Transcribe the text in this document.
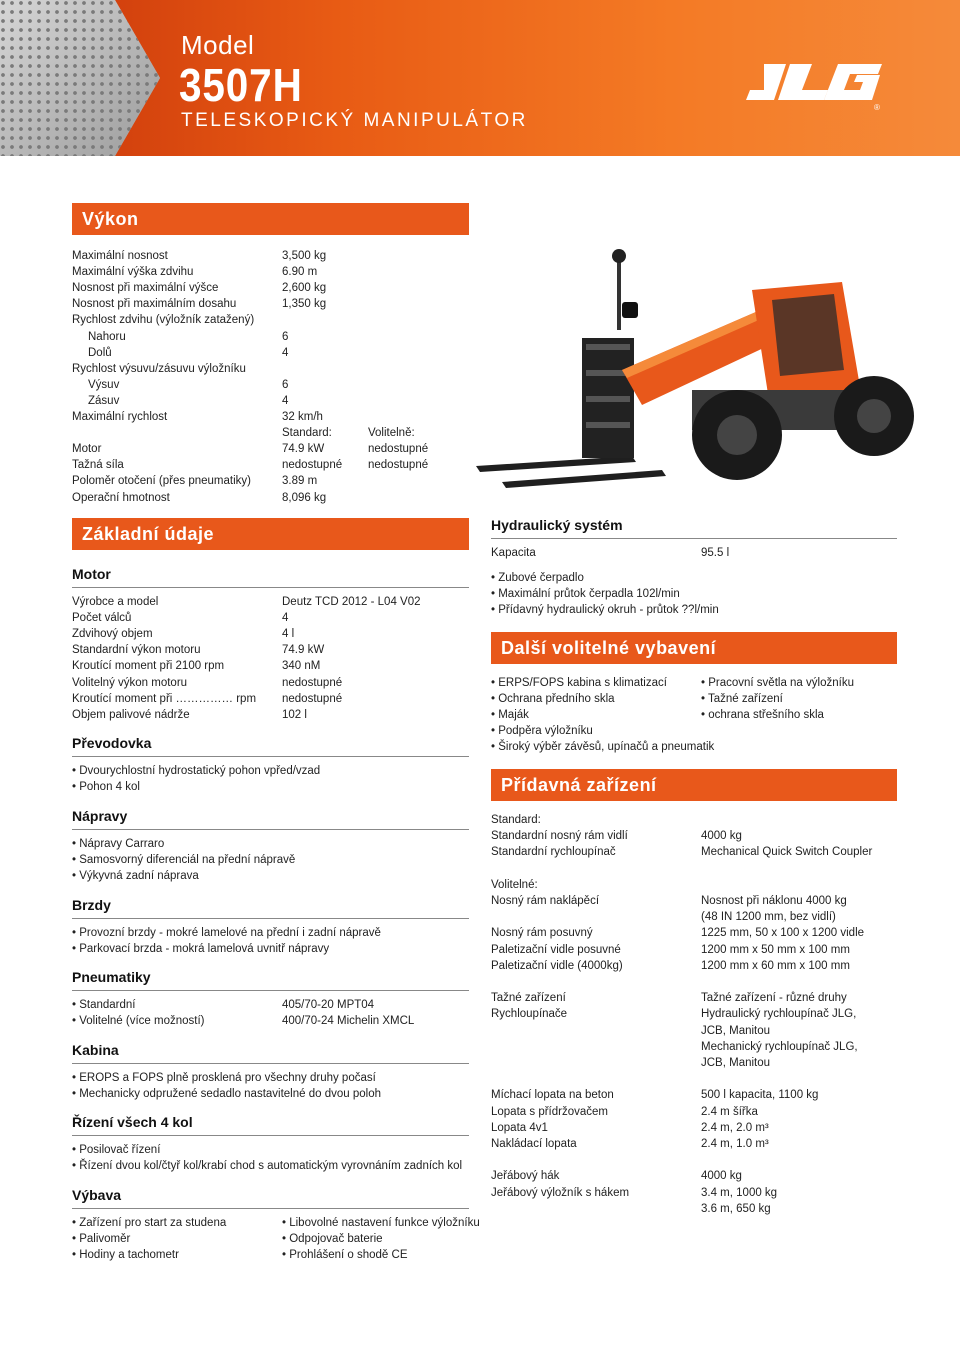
Model
3507H
TELESKOPICKÝ MANIPULÁTOR
®
Výkon
Maximální nosnost	3,500 kg
Maximální výška zdvihu	6.90 m
Nosnost při maximální výšce	2,600 kg
Nosnost při maximálním dosahu	1,350 kg
Rychlost zdvihu (výložník zatažený)
Nahoru	6
Dolů	4
Rychlost výsuvu/zásuvu výložníku
Výsuv	6
Zásuv	4
Maximální rychlost	32 km/h
Standard:	Volitelně:
Motor	74.9 kW	nedostupné
Tažná síla	nedostupné nedostupné
Poloměr otočení (přes pneumatiky)	3.89 m
Operační hmotnost	8,096 kg
Základní údaje
Motor
Výrobce a model	Deutz TCD 2012 - L04 V02
Počet válců	4
Zdvihový objem	4 l
Standardní výkon motoru	74.9 kW
Kroutící moment při 2100 rpm	340 nM
Volitelný výkon motoru	nedostupné
Kroutící moment při …………… rpm nedostupné
Objem palivové nádrže	102 l
Převodovka
• Dvourychlostní hydrostatický pohon vpřed/vzad
• Pohon 4 kol
Nápravy
• Nápravy Carraro
• Samosvorný diferenciál na přední nápravě
• Výkyvná zadní náprava
Brzdy
• Provozní brzdy - mokré lamelové na přední i zadní nápravě
• Parkovací brzda - mokrá lamelová uvnitř nápravy
Pneumatiky
• Standardní	405/70-20 MPT04
• Volitelné (více možností)	400/70-24 Michelin XMCL
Kabina
• EROPS a FOPS plně prosklená pro všechny druhy počasí
• Mechanicky odpružené sedadlo nastavitelné do dvou poloh
Řízení všech 4 kol
• Posilovač řízení
• Řízení dvou kol/čtyř kol/krabí chod s automatickým vyrovnáním zadních kol
Výbava
• Zařízení pro start za studena
• Palivoměr
• Hodiny a tachometr
• Libovolné nastavení funkce výložníku
• Odpojovač baterie
• Prohlášení o shodě CE
Hydraulický systém
Kapacita	95.5 l
• Zubové čerpadlo
• Maximální průtok čerpadla 102l/min
• Přídavný hydraulický okruh - průtok ??l/min
Další volitelné vybavení
• ERPS/FOPS kabina s klimatizací
• Ochrana předního skla
• Maják
• Podpěra výložníku
• Široký výběr závěsů, upínačů a pneumatik
• Pracovní světla na výložníku
• Tažné zařízení
• ochrana střešního skla
Přídavná zařízení
Standard:
Standardní nosný rám vidlí	4000 kg
Standardní rychloupínač	Mechanical Quick Switch Coupler
Volitelné:
Nosný rám naklápěcí	Nosnost při náklonu 4000 kg
(48 IN 1200 mm, bez vidlí)
Nosný rám posuvný	1225 mm, 50 x 100 x 1200 vidle
Paletizační vidle posuvné	1200 mm x 50 mm x 100 mm
Paletizační vidle (4000kg)	1200 mm x 60 mm x 100 mm
Tažné zařízení	Tažné zařízení - různé druhy
Rychloupínače	Hydraulický rychloupínač JLG,
JCB, Manitou
Mechanický rychloupínač JLG,
JCB, Manitou
Míchací lopata na beton	500 l kapacita, 1100 kg
Lopata s přídržovačem	2.4 m šířka
Lopata 4v1	2.4 m, 2.0 m³
Nakládací lopata	2.4 m, 1.0 m³
Jeřábový hák	4000 kg
Jeřábový výložník s hákem	3.4 m, 1000 kg
3.6 m, 650 kg
